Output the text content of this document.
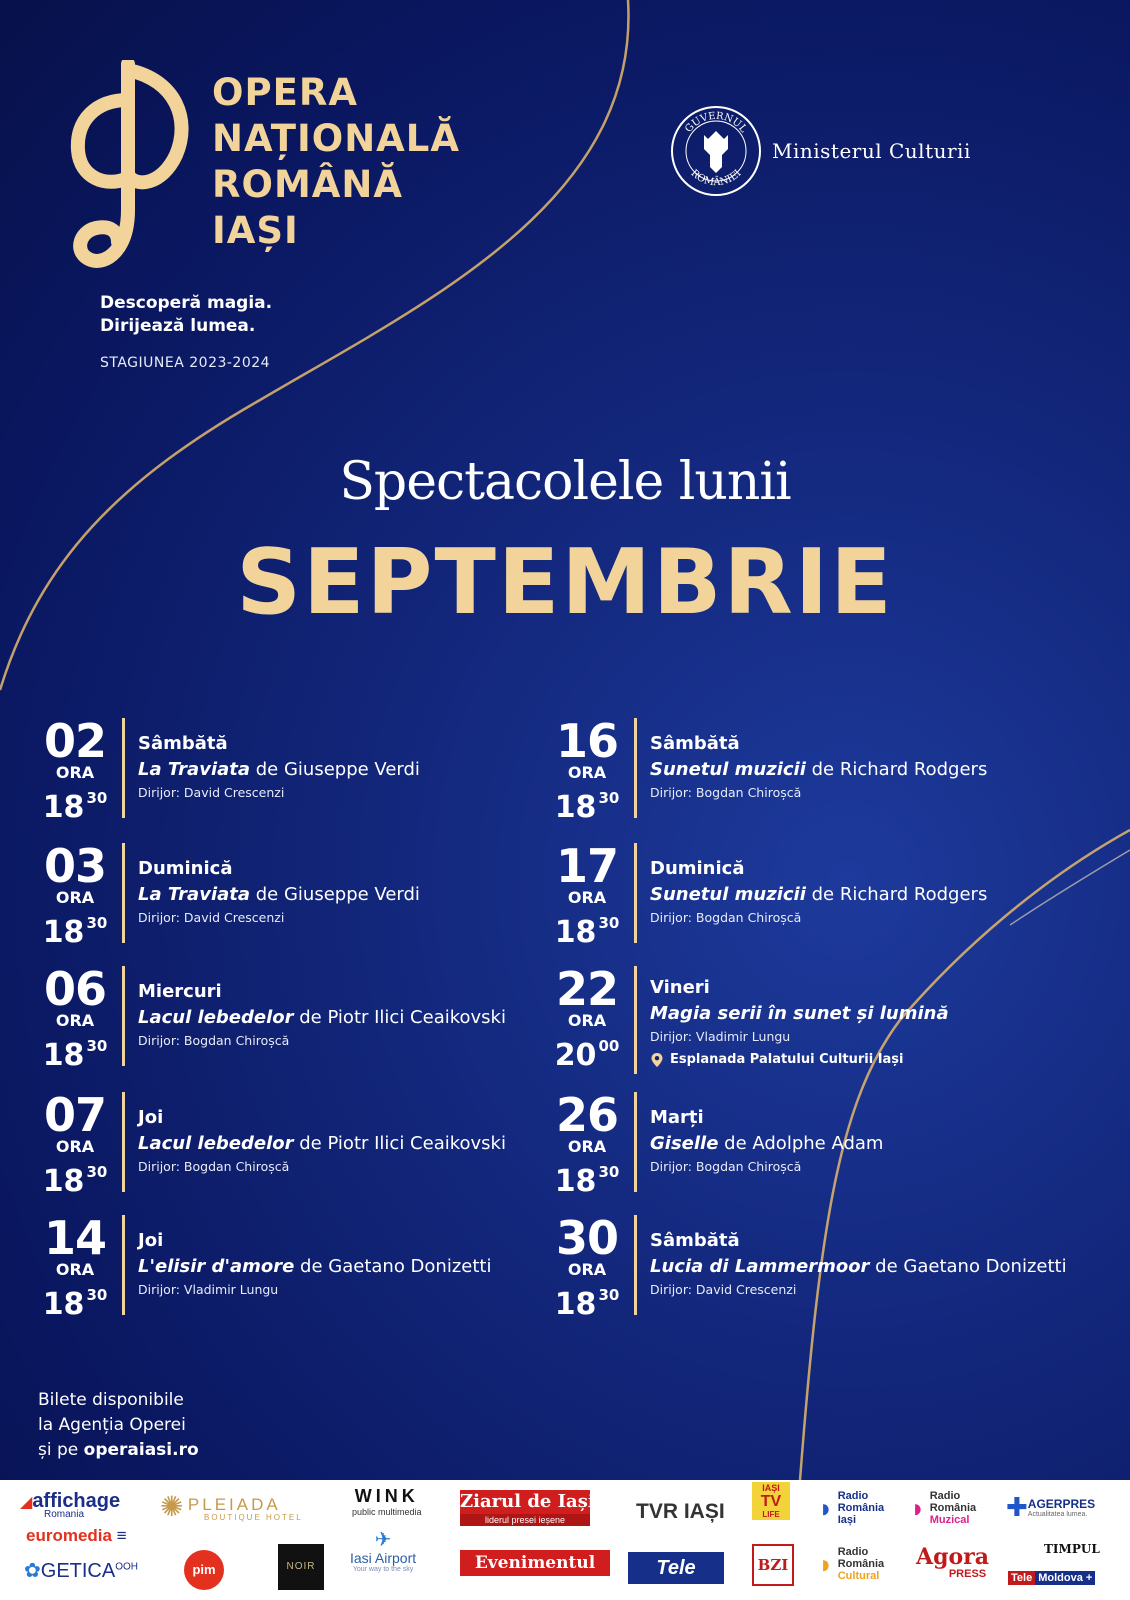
OPERA
NAȚIONALĂ
ROMÂNĂ
IAȘI
Descoperă magia.
Dirijează lumea.
STAGIUNEA 2023-2024
GUVERNUL
ROMÂNIEI
Ministerul Culturii
Spectacolele lunii
SEPTEMBRIE
02
ORA
18 $^{30}$
Sâmbătă
La Traviata de Giuseppe Verdi
Dirijor: David Crescenzi
03
ORA
18 $^{30}$
Duminică
La Traviata de Giuseppe Verdi
Dirijor: David Crescenzi
06
ORA
18 $^{30}$
Miercuri
Lacul lebedelor de Piotr Ilici Ceaikovski
Dirijor: Bogdan Chiroșcă
07
ORA
18 $^{30}$
Joi
Lacul lebedelor de Piotr Ilici Ceaikovski
Dirijor: Bogdan Chiroșcă
14
ORA
18 $^{30}$
Joi
L'elisir d'amore de Gaetano Donizetti
Dirijor: Vladimir Lungu
16
ORA
18 $^{30}$
Sâmbătă
Sunetul muzicii de Richard Rodgers
Dirijor: Bogdan Chiroșcă
17
ORA
18 $^{30}$
Duminică
Sunetul muzicii de Richard Rodgers
Dirijor: Bogdan Chiroșcă
22
ORA
20 $^{00}$
Vineri
Magia serii în sunet și lumină
Dirijor: Vladimir Lungu
Esplanada Palatului Culturii Iași
26
ORA
18 $^{30}$
Marți
Giselle de Adolphe Adam
Dirijor: Bogdan Chiroșcă
30
ORA
18 $^{30}$
Sâmbătă
Lucia di Lammermoor de Gaetano Donizetti
Dirijor: David Crescenzi
Bilete disponibile
la Agenția Operei
și pe operaiasi.ro
◢affichage
Romania
euromedia ≡
$✿GETICA^{OOH}$
✺ PLEIADA
BOUTIQUE HOTEL
pim	NOIR
WINK
public multimedia
✈
Iasi Airport
Your way to the sky
Ziarul de Iași
liderul presei ieșene
Evenimentul
TVR IAȘI
Tele
IAȘI
TV
LIFE
BZI
◗ Radio
România
Iași
◗ Radio
România
Cultural
◗ Radio
România
Muzical
Agora
PRESS
✚ AGERPRES
Actualitatea lumea.
TIMPUL
Tele Moldova +
